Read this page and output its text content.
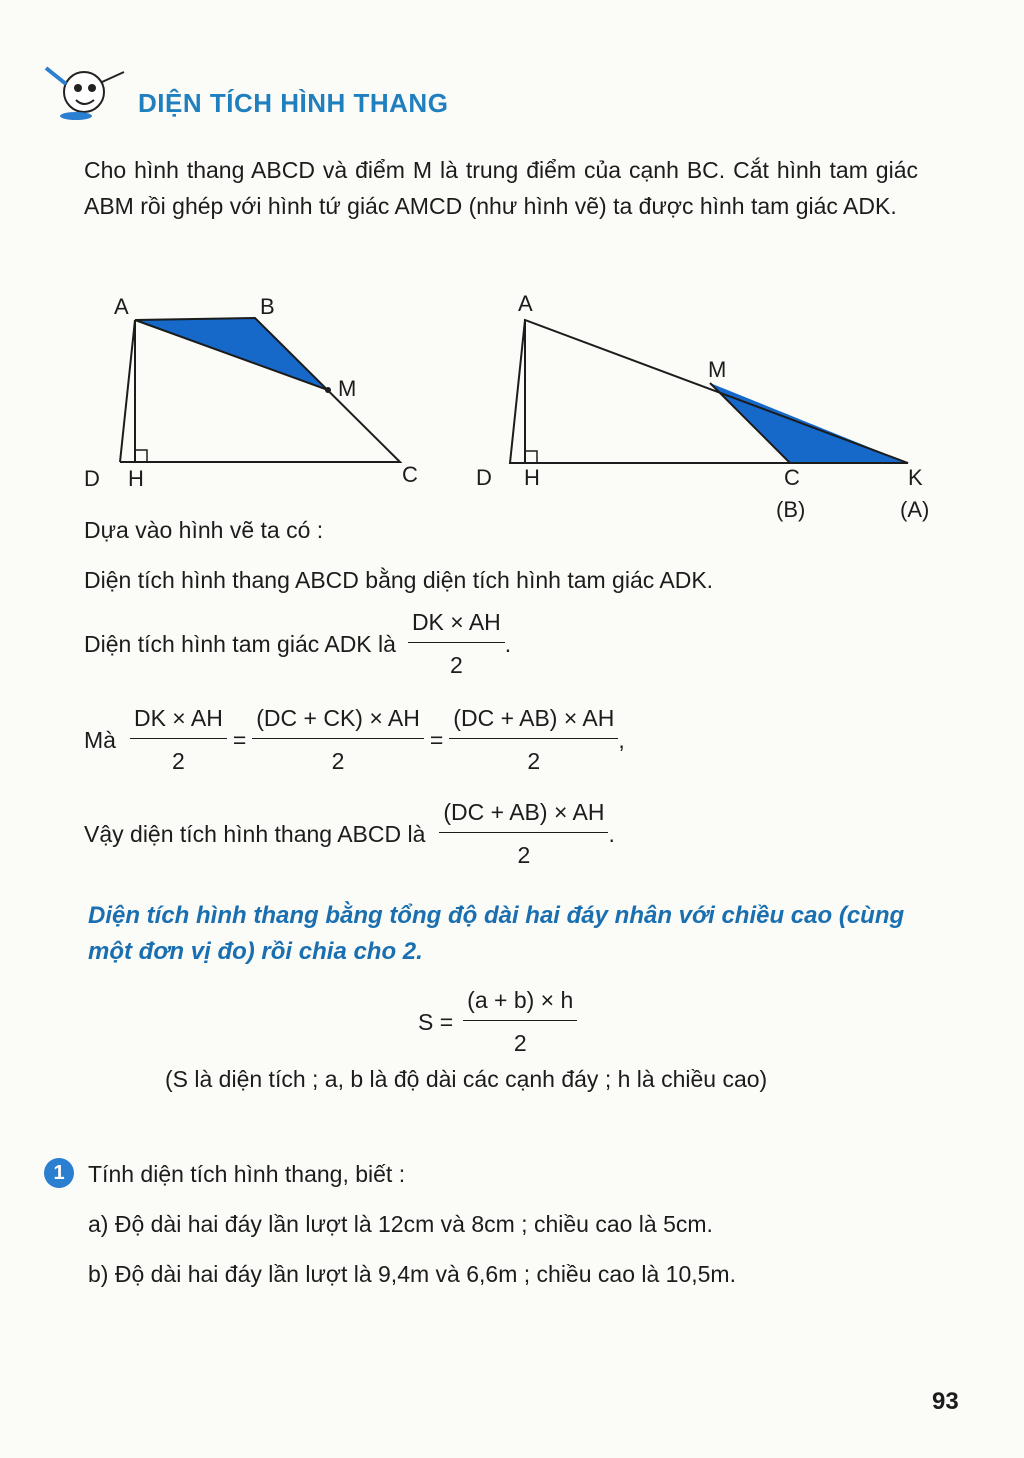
DIỆN TÍCH HÌNH THANG
Cho hình thang ABCD và điểm M là trung điểm của cạnh BC. Cắt hình tam giác ABM rồi ghép với hình tứ giác AMCD (như hình vẽ) ta được hình tam giác ADK.
A	B
M
D H	C
A
M
D H	C	K
(B)	(A)
Dựa vào hình vẽ ta có :
Diện tích hình thang ABCD bằng diện tích hình tam giác ADK.
Diện tích hình tam giác ADK là $\frac{DK \times AH}{2}$ .
Mà $\frac{DK \times AH}{2} = \frac{(DC + CK) \times AH}{2} = \frac{(DC + AB) \times AH}{2}$ ,
Vậy diện tích hình thang ABCD là $\frac{(DC + AB) \times AH}{2}$ .
Diện tích hình thang bằng tổng độ dài hai đáy nhân với chiều cao (cùng một đơn vị đo) rồi chia cho 2.
$S = \frac{(a + b) \times h}{2}$
(S là diện tích ; a, b là độ dài các cạnh đáy ; h là chiều cao)
1	Tính diện tích hình thang, biết :
a) Độ dài hai đáy lần lượt là 12cm và 8cm ; chiều cao là 5cm.
b) Độ dài hai đáy lần lượt là 9,4m và 6,6m ; chiều cao là 10,5m.
93
